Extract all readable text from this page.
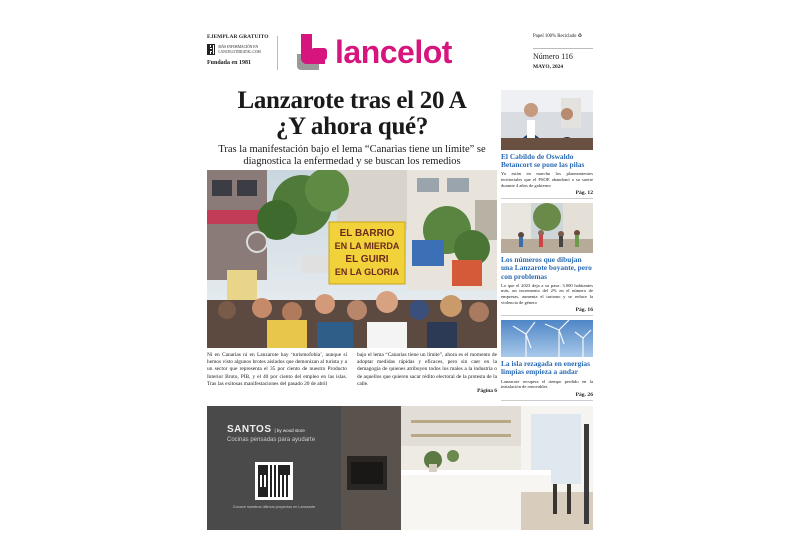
EJEMPLAR GRATUITO
MÁS INFORMACIÓN EN LANCELOTDIGITAL.COM
Fundada en 1981	lancelot	Papel 100% Reciclado ♻
Número 116
MAYO, 2024
Lanzarote tras el 20 A
¿Y ahora qué?
Tras la manifestación bajo el lema “Canarias tiene un límite” se diagnostica la enfermedad y se buscan los remedios
EL BARRIO
EN LA MIERDA
EL GUIRI
EN LA GLORIA
Ni en Canarias ni en Lanzarote hay ‘turismofobia’, aunque sí hemos visto algunos brotes aislados que demonizan al turista y a un sector que representa el 35 por ciento de nuestro Producto Interior Bruto, PIB, y el 40 por ciento del empleo en las islas. Tras las exitosas manifestaciones del pasado 20 de abril
bajo el lema “Canarias tiene un límite”, ahora es el momento de adoptar medidas rápidas y eficaces, pero sin caer en la demagogia de quienes atribuyen todos los males a la industria o de aquellos que quieren sacar rédito electoral de la protesta de la calle.
Página 6
El Cabildo de Oswaldo Betancort se pone las pilas

Ya están en marcha los planeamientos territoriales que el PSOE abandonó a su suerte durante 4 años de gobierno

Pág. 12
Los números que dibujan una Lanzarote boyante, pero con problemas

Lo que el 2023 deja a su paso: 3.000 habitantes más, un incremento del 2% en el número de empresas, aumenta el turismo y se reduce la violencia de género

Pág. 16
La isla rezagada en energías limpias empieza a andar

Lanzarote recupera el tiempo perdido en la instalación de renovables

Pág. 26
SANTOS | by wood store
Cocinas pensadas para ayudarte
Conoce nuestros últimos proyectos en Lanzarote
